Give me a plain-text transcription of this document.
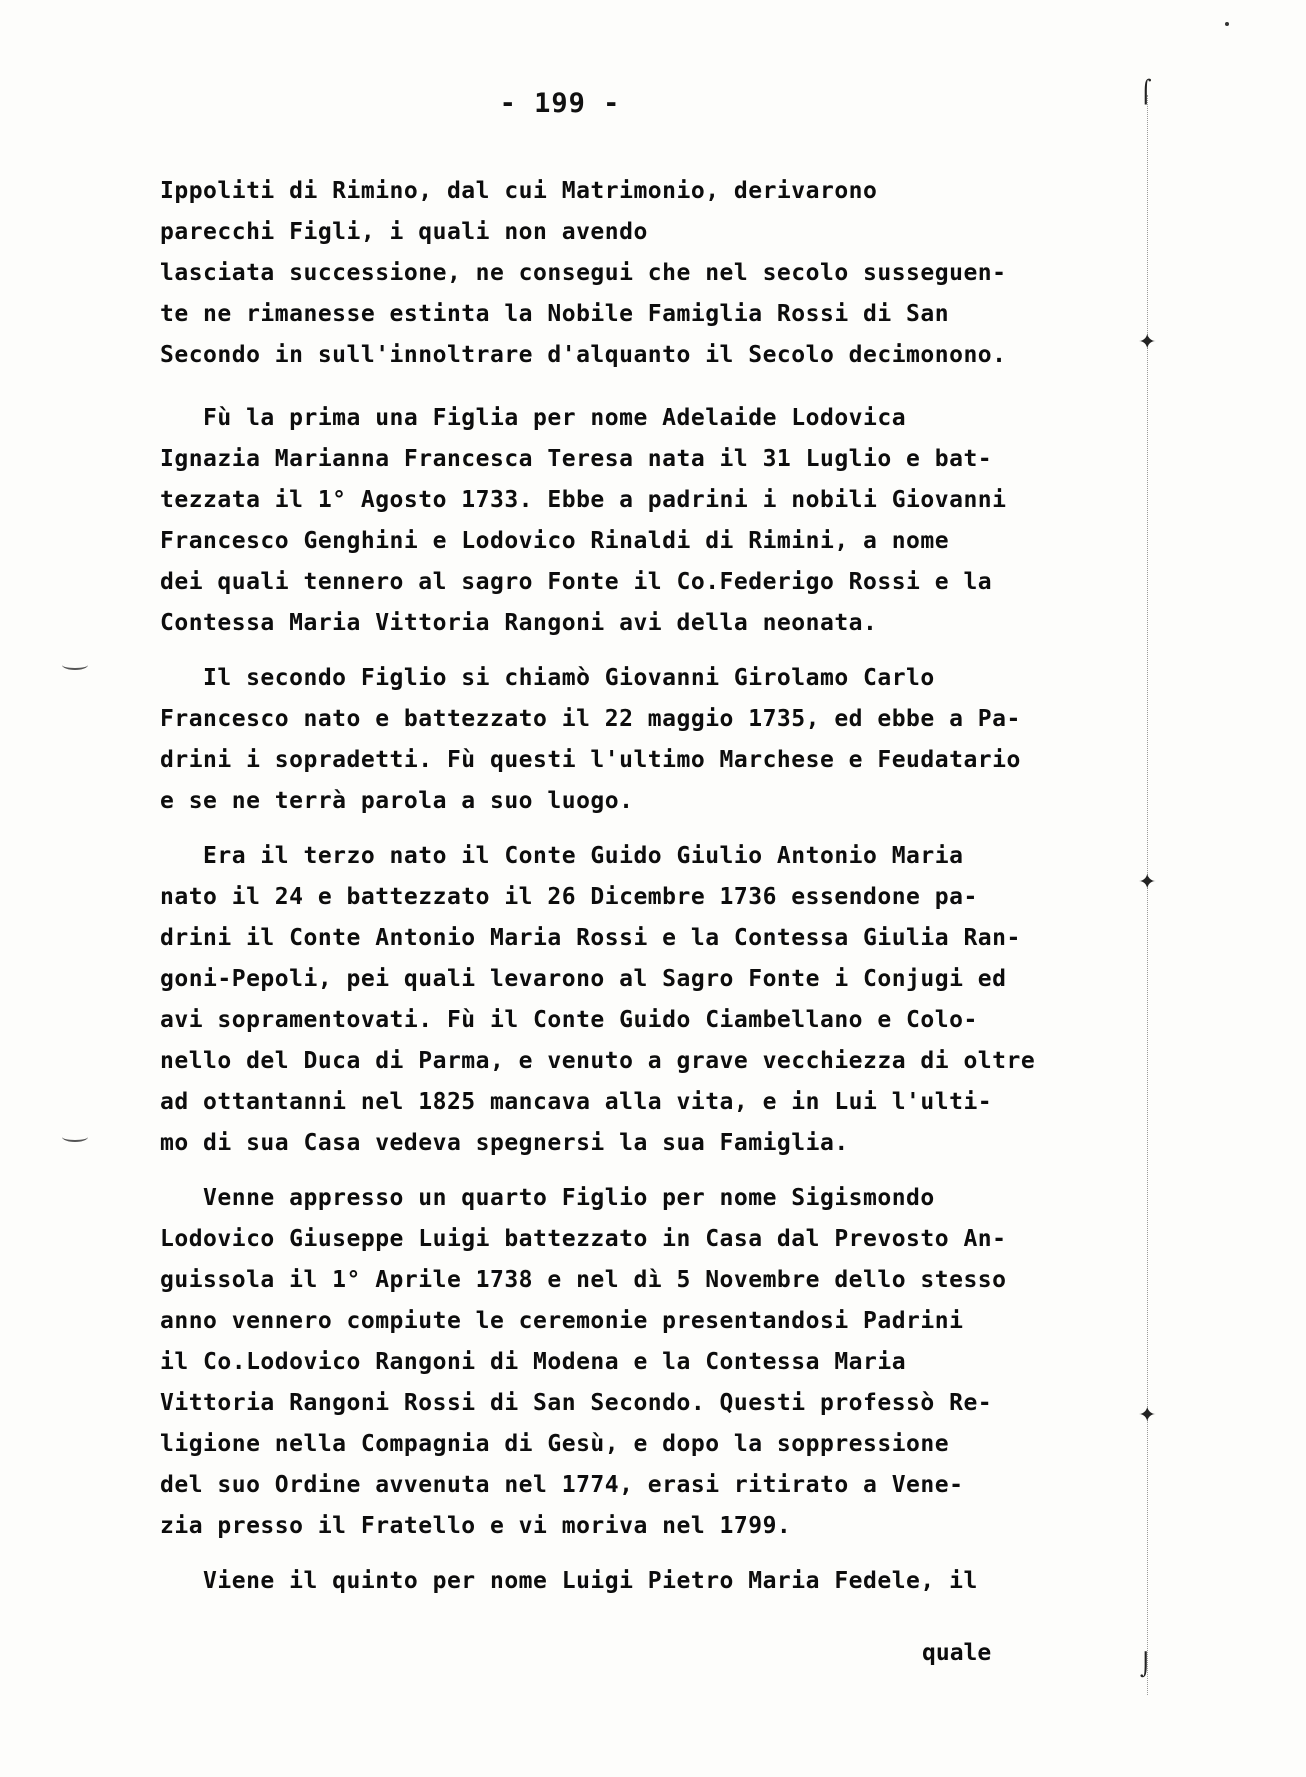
- 199 -
Ippoliti di Rimino, dal cui Matrimonio, derivarono
parecchi Figli, i quali non avendo
lasciata successione, ne consegui che nel secolo susseguen-
te ne rimanesse estinta la Nobile Famiglia Rossi di San
Secondo in sull'innoltrare d'alquanto il Secolo decimonono.
Fù la prima una Figlia per nome Adelaide Lodovica
Ignazia Marianna Francesca Teresa nata il 31 Luglio e bat-
tezzata il 1° Agosto 1733. Ebbe a padrini i nobili Giovanni
Francesco Genghini e Lodovico Rinaldi di Rimini, a nome
dei quali tennero al sagro Fonte il Co.Federigo Rossi e la
Contessa Maria Vittoria Rangoni avi della neonata.
Il secondo Figlio si chiamò Giovanni Girolamo Carlo
Francesco nato e battezzato il 22 maggio 1735, ed ebbe a Pa-
drini i sopradetti. Fù questi l'ultimo Marchese e Feudatario
e se ne terrà parola a suo luogo.
Era il terzo nato il Conte Guido Giulio Antonio Maria
nato il 24 e battezzato il 26 Dicembre 1736 essendone pa-
drini il Conte Antonio Maria Rossi e la Contessa Giulia Ran-
goni-Pepoli, pei quali levarono al Sagro Fonte i Conjugi ed
avi sopramentovati. Fù il Conte Guido Ciambellano e Colo-
nello del Duca di Parma, e venuto a grave vecchiezza di oltre
ad ottantanni nel 1825 mancava alla vita, e in Lui l'ulti-
mo di sua Casa vedeva spegnersi la sua Famiglia.
Venne appresso un quarto Figlio per nome Sigismondo
Lodovico Giuseppe Luigi battezzato in Casa dal Prevosto An-
guissola il 1° Aprile 1738 e nel dì 5 Novembre dello stesso
anno vennero compiute le ceremonie presentandosi Padrini
il Co.Lodovico Rangoni di Modena e la Contessa Maria
Vittoria Rangoni Rossi di San Secondo. Questi professò Re-
ligione nella Compagnia di Gesù, e dopo la soppressione
del suo Ordine avvenuta nel 1774, erasi ritirato a Vene-
zia presso il Fratello e vi moriva nel 1799.
Viene il quinto per nome Luigi Pietro Maria Fedele, il
quale
⌠
✦
✦
✦
⌡
